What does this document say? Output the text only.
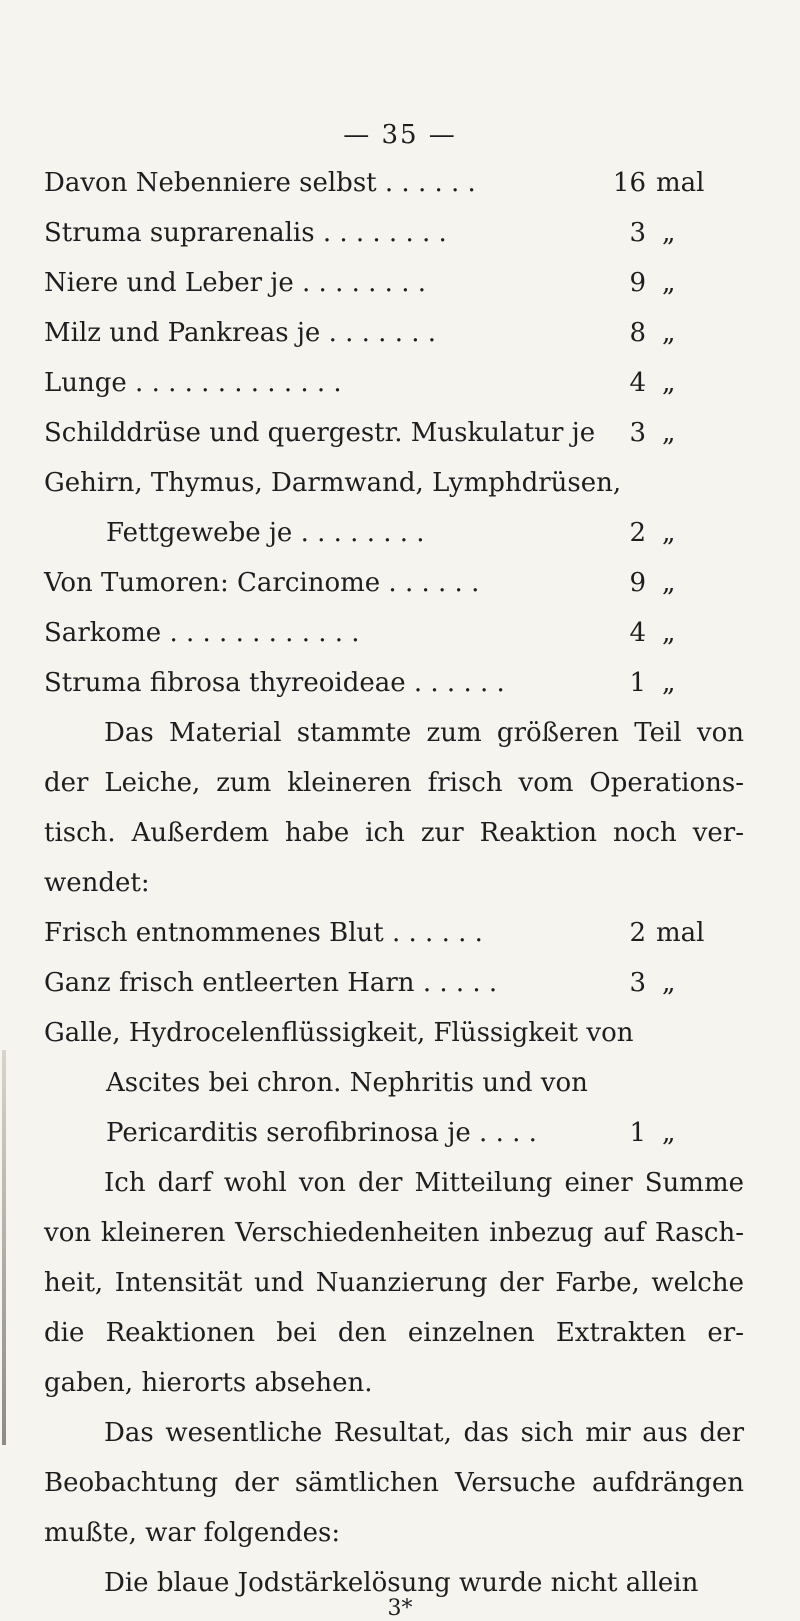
— 35 —
Davon Nebenniere selbst . . . . . .	16 mal
Struma suprarenalis . . . . . . . .	3 „
Niere und Leber je . . . . . . . .	9 „
Milz und Pankreas je . . . . . . .	8 „
Lunge . . . . . . . . . . . . .	4 „
Schilddrüse und quergestr. Muskulatur je	3 „
Gehirn, Thymus, Darmwand, Lymphdrüsen,
Fettgewebe je . . . . . . . .	2 „
Von Tumoren: Carcinome . . . . . .	9 „
Sarkome . . . . . . . . . . . .	4 „
Struma fibrosa thyreoideae . . . . . .	1 „
Das Material stammte zum größeren Teil von
der Leiche, zum kleineren frisch vom Operations-
tisch. Außerdem habe ich zur Reaktion noch ver-
wendet:
Frisch entnommenes Blut . . . . . .	2 mal
Ganz frisch entleerten Harn . . . . .	3 „
Galle, Hydrocelenflüssigkeit, Flüssigkeit von
Ascites bei chron. Nephritis und von
Pericarditis serofibrinosa je . . . .	1 „
Ich darf wohl von der Mitteilung einer Summe
von kleineren Verschiedenheiten inbezug auf Rasch-
heit, Intensität und Nuanzierung der Farbe, welche
die Reaktionen bei den einzelnen Extrakten er-
gaben, hierorts absehen.
Das wesentliche Resultat, das sich mir aus der
Beobachtung der sämtlichen Versuche aufdrängen
mußte, war folgendes:
Die blaue Jodstärkelösung wurde nicht allein
3*
